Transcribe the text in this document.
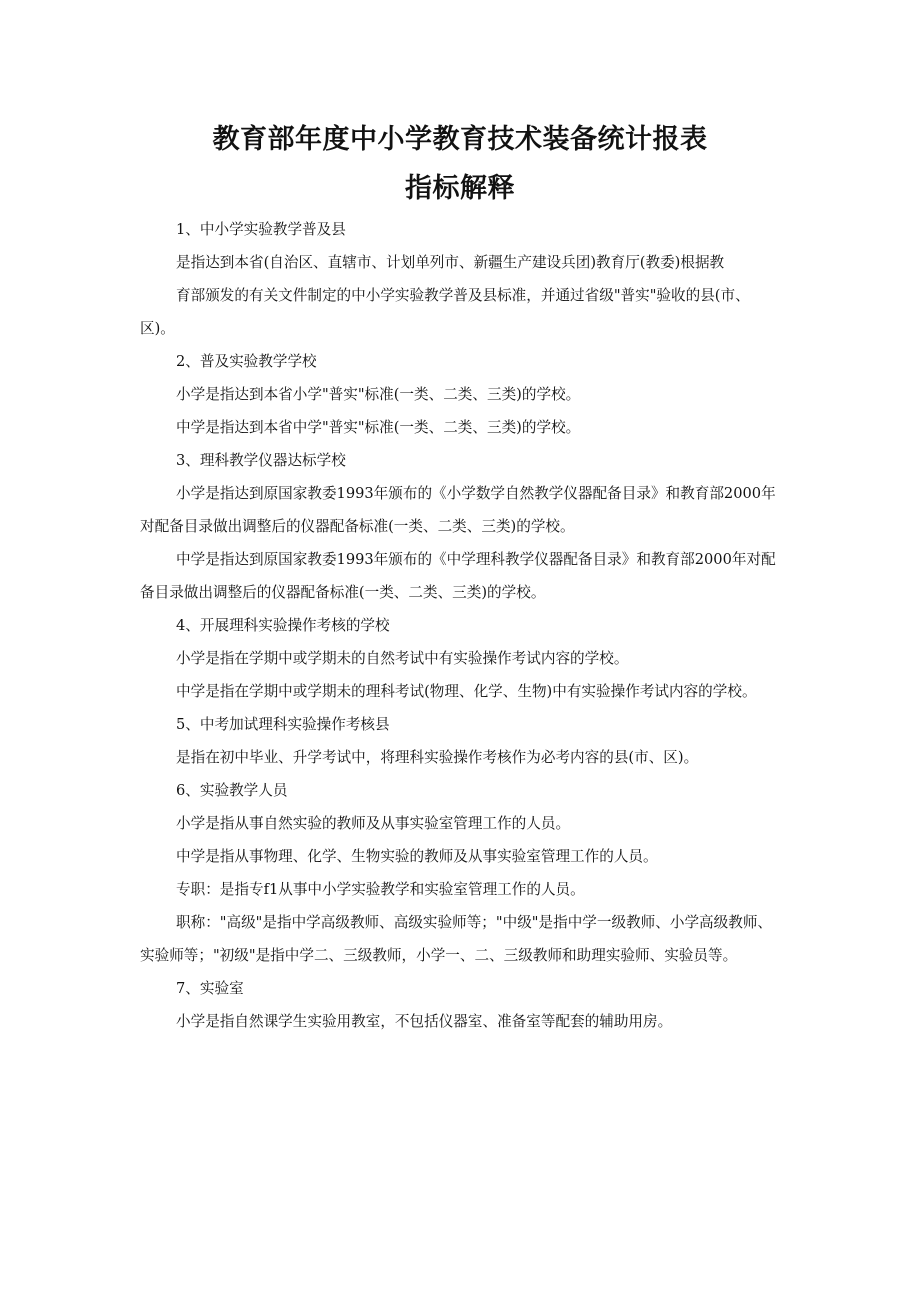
教育部年度中小学教育技术装备统计报表
指标解释

1、中小学实验教学普及县

是指达到本省(自治区、直辖市、计划单列市、新疆生产建设兵团)教育厅(教委)根据教

育部颁发的有关文件制定的中小学实验教学普及县标准，并通过省级"普实"验收的县(市、区)。

2、普及实验教学学校

小学是指达到本省小学"普实"标准(一类、二类、三类)的学校。

中学是指达到本省中学"普实"标准(一类、二类、三类)的学校。

3、理科教学仪器达标学校

小学是指达到原国家教委1993年颁布的《小学数学自然教学仪器配备目录》和教育部2000年对配备目录做出调整后的仪器配备标准(一类、二类、三类)的学校。

中学是指达到原国家教委1993年颁布的《中学理科教学仪器配备目录》和教育部2000年对配备目录做出调整后的仪器配备标准(一类、二类、三类)的学校。

4、开展理科实验操作考核的学校

小学是指在学期中或学期未的自然考试中有实验操作考试内容的学校。

中学是指在学期中或学期未的理科考试(物理、化学、生物)中有实验操作考试内容的学校。

5、中考加试理科实验操作考核县

是指在初中毕业、升学考试中，将理科实验操作考核作为必考内容的县(市、区)。

6、实验教学人员

小学是指从事自然实验的教师及从事实验室管理工作的人员。

中学是指从事物理、化学、生物实验的教师及从事实验室管理工作的人员。

专职：是指专f1从事中小学实验教学和实验室管理工作的人员。

职称："高级"是指中学高级教师、高级实验师等；"中级"是指中学一级教师、小学高级教师、实验师等；"初级"是指中学二、三级教师，小学一、二、三级教师和助理实验师、实验员等。

7、实验室

小学是指自然课学生实验用教室，不包括仪器室、准备室等配套的辅助用房。
